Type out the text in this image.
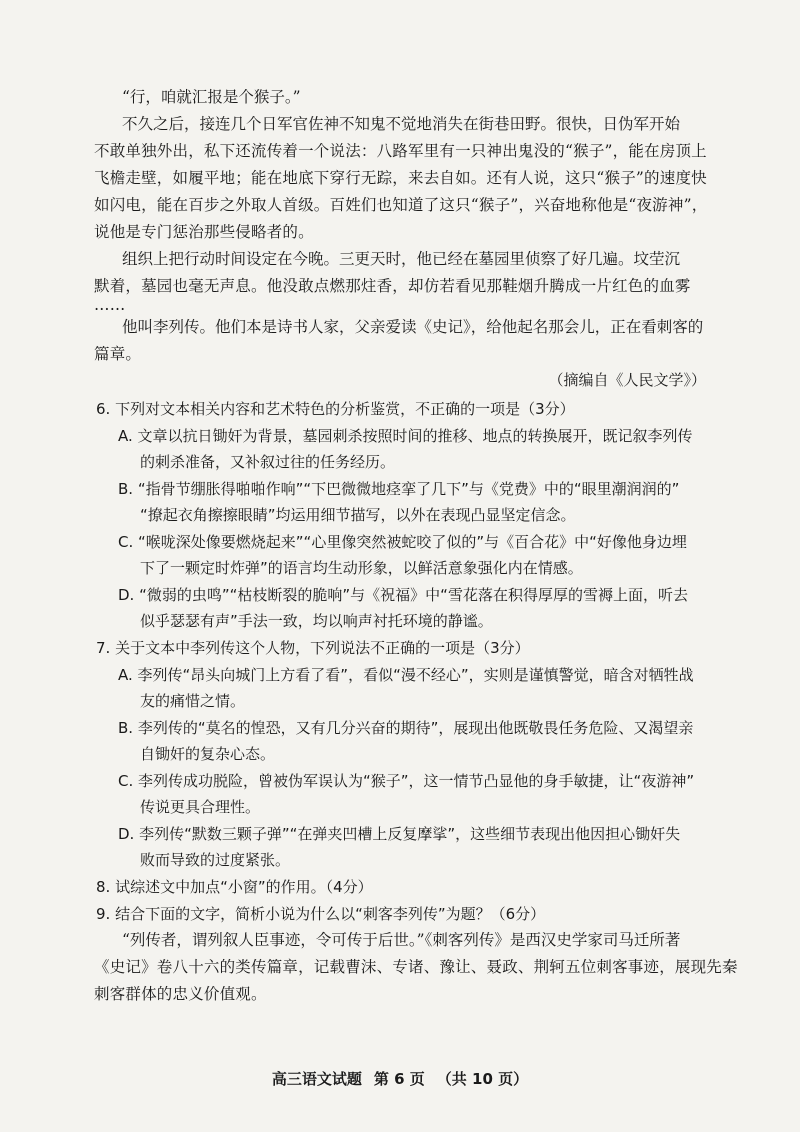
“行，咱就汇报是个猴子。”
不久之后，接连几个日军官佐神不知鬼不觉地消失在街巷田野。很快，日伪军开始
不敢单独外出，私下还流传着一个说法：八路军里有一只神出鬼没的“猴子”，能在房顶上
飞檐走壁，如履平地；能在地底下穿行无踪，来去自如。还有人说，这只“猴子”的速度快
如闪电，能在百步之外取人首级。百姓们也知道了这只“猴子”，兴奋地称他是“夜游神”，
说他是专门惩治那些侵略者的。
组织上把行动时间设定在今晚。三更天时，他已经在墓园里侦察了好几遍。坟茔沉
默着，墓园也毫无声息。他没敢点燃那炷香，却仿若看见那鞋烟升腾成一片红色的血雾
……
他叫李列传。他们本是诗书人家，父亲爱读《史记》，给他起名那会儿，正在看刺客的
篇章。
（摘编自《人民文学》）
6. 下列对文本相关内容和艺术特色的分析鉴赏，不正确的一项是（3分）
A. 文章以抗日锄奸为背景，墓园刺杀按照时间的推移、地点的转换展开，既记叙李列传
的刺杀准备，又补叙过往的任务经历。
B. “指骨节绷胀得啪啪作响”“下巴微微地痉挛了几下”与《党费》中的“眼里潮润润的”
“撩起衣角擦擦眼睛”均运用细节描写，以外在表现凸显坚定信念。
C. “喉咙深处像要燃烧起来”“心里像突然被蛇咬了似的”与《百合花》中“好像他身边埋
下了一颗定时炸弹”的语言均生动形象，以鲜活意象强化内在情感。
D. “微弱的虫鸣”“枯枝断裂的脆响”与《祝福》中“雪花落在积得厚厚的雪褥上面，听去
似乎瑟瑟有声”手法一致，均以响声衬托环境的静谧。
7. 关于文本中李列传这个人物，下列说法不正确的一项是（3分）
A. 李列传“昂头向城门上方看了看”，看似“漫不经心”，实则是谨慎警觉，暗含对牺牲战
友的痛惜之情。
B. 李列传的“莫名的惶恐，又有几分兴奋的期待”，展现出他既敬畏任务危险、又渴望亲
自锄奸的复杂心态。
C. 李列传成功脱险，曾被伪军误认为“猴子”，这一情节凸显他的身手敏捷，让“夜游神”
传说更具合理性。
D. 李列传“默数三颗子弹”“在弹夹凹槽上反复摩挲”，这些细节表现出他因担心锄奸失
败而导致的过度紧张。
8. 试综述文中加点“小窗”的作用。（4分）
9. 结合下面的文字，简析小说为什么以“刺客李列传”为题？（6分）
“列传者，谓列叙人臣事迹，令可传于后世。”《刺客列传》是西汉史学家司马迁所著
《史记》卷八十六的类传篇章，记载曹沫、专诸、豫让、聂政、荆轲五位刺客事迹，展现先秦
刺客群体的忠义价值观。
高三语文试题 第 6 页 （共 10 页）
